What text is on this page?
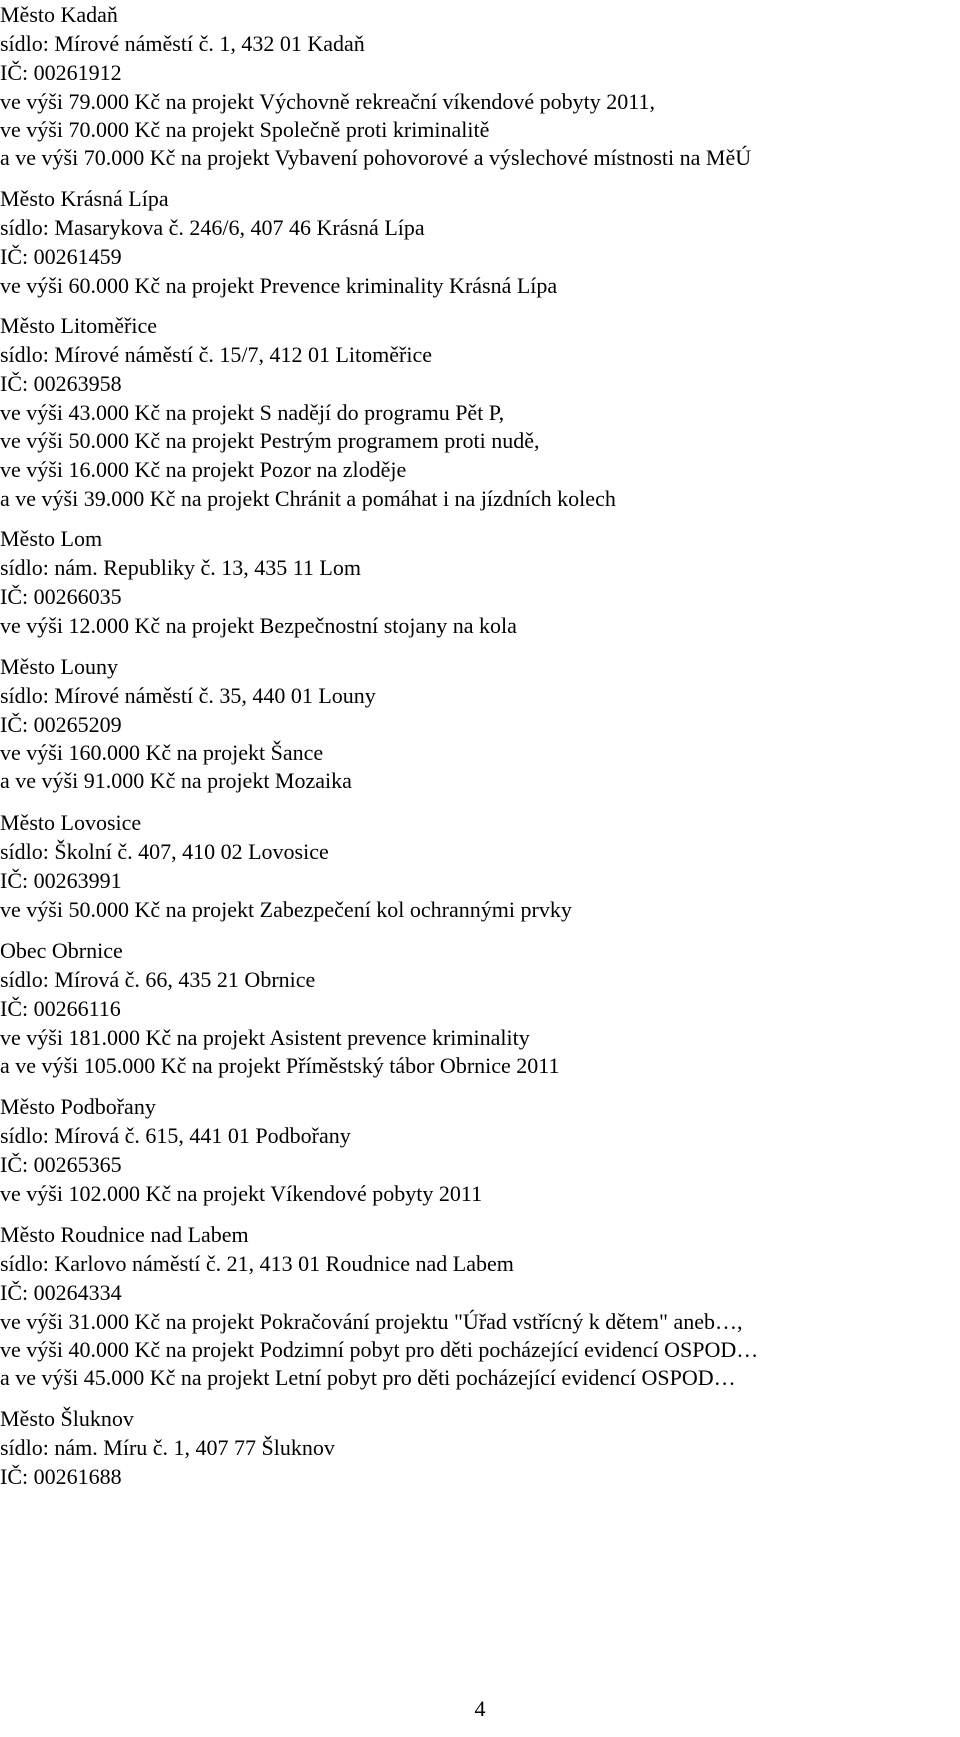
Město Kadaň
sídlo: Mírové náměstí č. 1, 432 01 Kadaň
IČ: 00261912
ve výši 79.000 Kč na projekt Výchovně rekreační víkendové pobyty 2011,
ve výši 70.000 Kč na projekt Společně proti kriminalitě
a ve výši 70.000 Kč na projekt Vybavení pohovorové a výslechové místnosti na MěÚ
Město Krásná Lípa
sídlo: Masarykova č. 246/6, 407 46 Krásná Lípa
IČ: 00261459
ve výši 60.000 Kč na projekt Prevence kriminality Krásná Lípa
Město Litoměřice
sídlo: Mírové náměstí č. 15/7, 412 01 Litoměřice
IČ: 00263958
ve výši 43.000 Kč na projekt S nadějí do programu Pět P,
ve výši 50.000 Kč na projekt Pestrým programem proti nudě,
ve výši 16.000 Kč na projekt Pozor na zloděje
a ve výši 39.000 Kč na projekt Chránit a pomáhat i na jízdních kolech
Město Lom
sídlo: nám. Republiky č. 13, 435 11 Lom
IČ: 00266035
ve výši 12.000 Kč na projekt Bezpečnostní stojany na kola
Město Louny
sídlo: Mírové náměstí č. 35, 440 01 Louny
IČ: 00265209
ve výši 160.000 Kč na projekt Šance
a ve výši 91.000 Kč na projekt Mozaika
Město Lovosice
sídlo: Školní č. 407, 410 02 Lovosice
IČ: 00263991
ve výši 50.000 Kč na projekt Zabezpečení kol ochrannými prvky
Obec Obrnice
sídlo: Mírová č. 66, 435 21 Obrnice
IČ: 00266116
ve výši 181.000 Kč na projekt Asistent prevence kriminality
a ve výši 105.000 Kč na projekt Příměstský tábor Obrnice 2011
Město Podbořany
sídlo: Mírová č. 615, 441 01 Podbořany
IČ: 00265365
ve výši 102.000 Kč na projekt Víkendové pobyty 2011
Město Roudnice nad Labem
sídlo: Karlovo náměstí č. 21, 413 01 Roudnice nad Labem
IČ: 00264334
ve výši 31.000 Kč na projekt Pokračování projektu "Úřad vstřícný k dětem" aneb…,
ve výši 40.000 Kč na projekt Podzimní pobyt pro děti pocházející evidencí OSPOD…
a ve výši 45.000 Kč na projekt Letní pobyt pro děti pocházející evidencí OSPOD…
Město Šluknov
sídlo: nám. Míru č. 1, 407 77 Šluknov
IČ: 00261688
4
